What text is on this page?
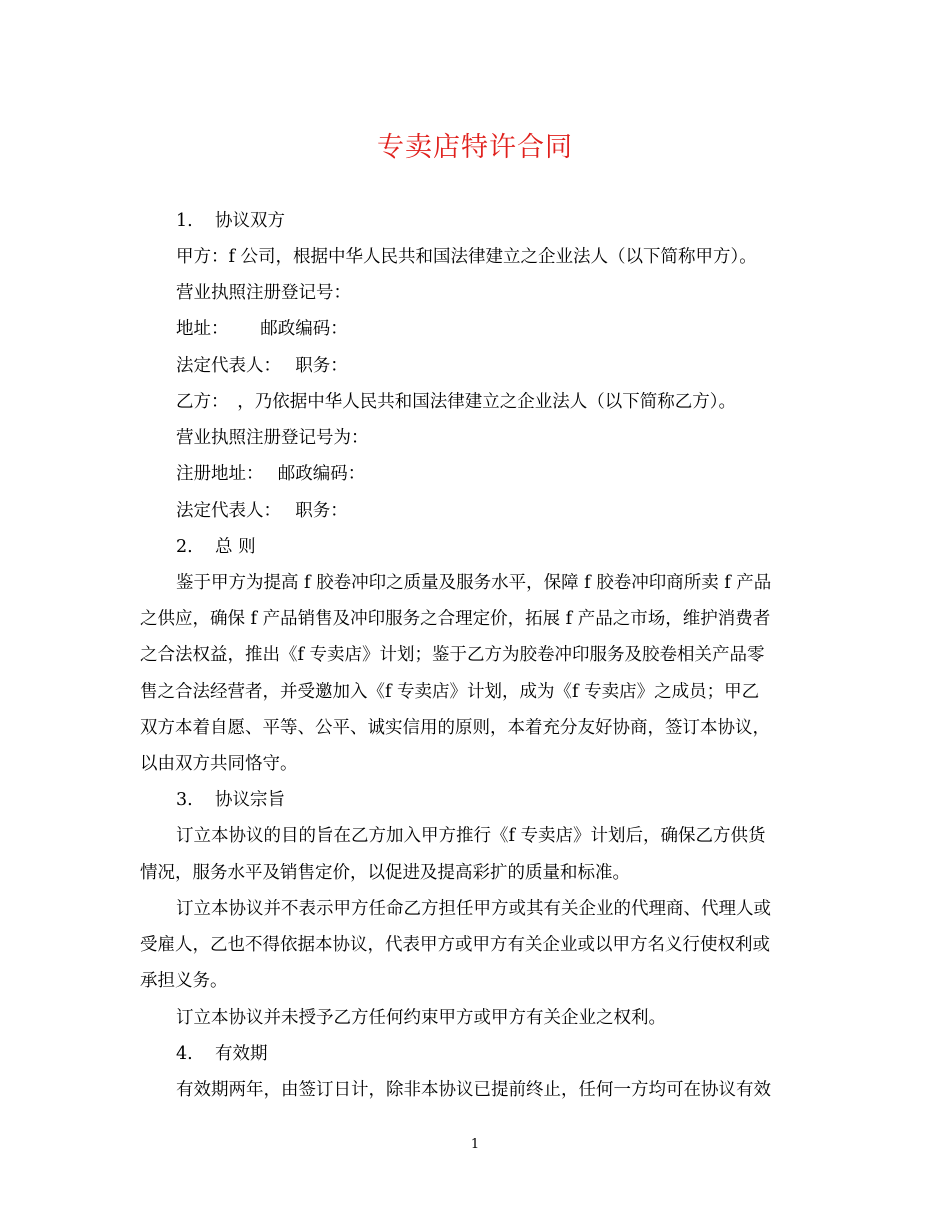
专卖店特许合同
1. 协议双方
甲方：f 公司，根据中华人民共和国法律建立之企业法人（以下简称甲方）。
营业执照注册登记号：
地址：　　 邮政编码：
法定代表人：　 职务：
乙方：　，乃依据中华人民共和国法律建立之企业法人（以下简称乙方）。
营业执照注册登记号为：
注册地址：　 邮政编码：
法定代表人：　 职务：
2. 总 则
鉴于甲方为提高 f 胶卷冲印之质量及服务水平，保障 f 胶卷冲印商所卖 f 产品
之供应，确保 f 产品销售及冲印服务之合理定价，拓展 f 产品之市场，维护消费者
之合法权益，推出《f 专卖店》计划；鉴于乙方为胶卷冲印服务及胶卷相关产品零
售之合法经营者，并受邀加入《f 专卖店》计划，成为《f 专卖店》之成员；甲乙
双方本着自愿、平等、公平、诚实信用的原则，本着充分友好协商，签订本协议，
以由双方共同恪守。
3. 协议宗旨
订立本协议的目的旨在乙方加入甲方推行《f 专卖店》计划后，确保乙方供货
情况，服务水平及销售定价，以促进及提高彩扩的质量和标准。
订立本协议并不表示甲方任命乙方担任甲方或其有关企业的代理商、代理人或
受雇人，乙也不得依据本协议，代表甲方或甲方有关企业或以甲方名义行使权利或
承担义务。
订立本协议并未授予乙方任何约束甲方或甲方有关企业之权利。
4. 有效期
有效期两年，由签订日计，除非本协议已提前终止，任何一方均可在协议有效
1
